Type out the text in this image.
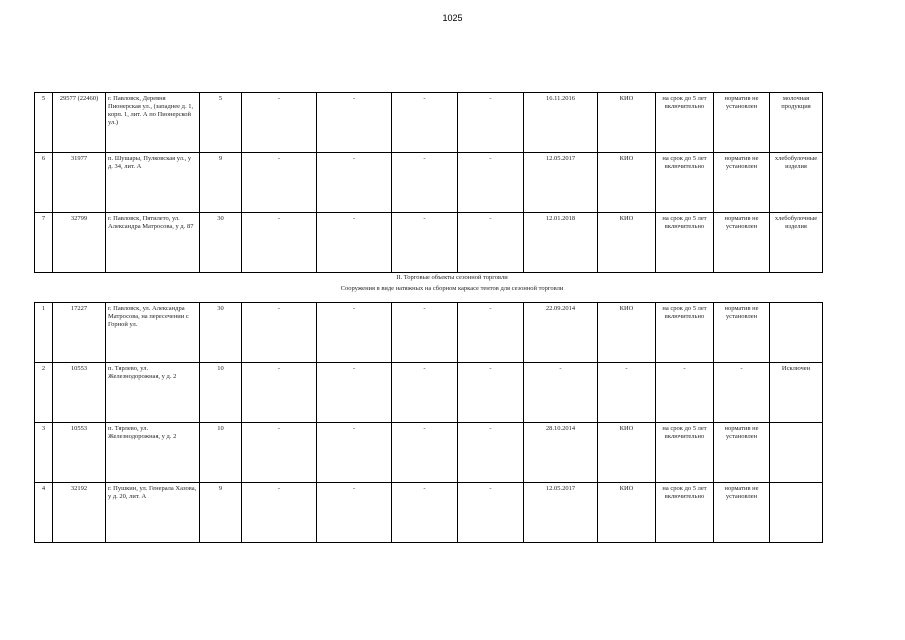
1025
5	29577 (22460)	г. Павловск, Деревня Пионерская ул., (западнее д. 1, корп. 1, лит. А по Пионерской ул.)	5	-	-	-	-	16.11.2016	КИО	на срок до 5 лет включительно	норматив не установлен	молочная продукция
6	31977	п. Шушары, Пулковская ул., у д. 34, лит. А	9	-	-	-	-	12.05.2017	КИО	на срок до 5 лет включительно	норматив не установлен	хлебобулочные изделия
7	32799	г. Павловск, Пятилето, ул. Александра Матросова, у д. 87	30	-	-	-	-	12.01.2018	КИО	на срок до 5 лет включительно	норматив не установлен	хлебобулочные изделия
II. Торговые объекты сезонной торговли
Сооружения в виде натяжных на сборном каркасе тентов для сезонной торговли
1	17227	г. Павловск, ул. Александра Матросова, на пересечении с Горной ул.	30	-	-	-	-	22.09.2014	КИО	на срок до 5 лет включительно	норматив не установлен	
2	10553	п. Тярлево, ул. Железнодорожная, у д. 2	10	-	-	-	-	-	-	-	-	Исключен
3	10553	п. Тярлево, ул. Железнодорожная, у д. 2	10	-	-	-	-	28.10.2014	КИО	на срок до 5 лет включительно	норматив не установлен	
4	32192	г. Пушкин, ул. Генерала Хазова, у д. 20, лит. А	9	-	-	-	-	12.05.2017	КИО	на срок до 5 лет включительно	норматив не установлен	
